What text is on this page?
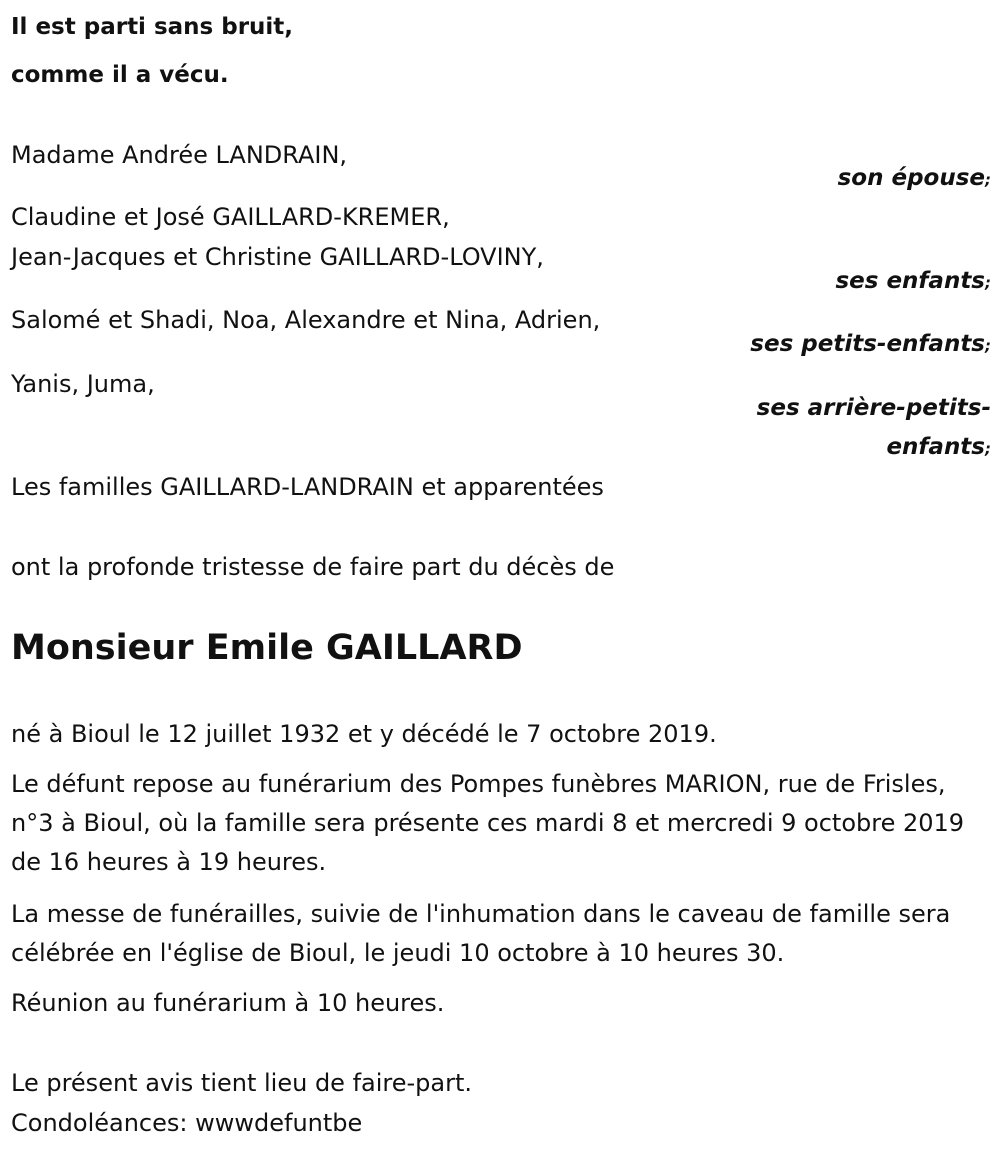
Il est parti sans bruit,
comme il a vécu.
Madame Andrée LANDRAIN,
son épouse;
Claudine et José GAILLARD-KREMER,
Jean-Jacques et Christine GAILLARD-LOVINY,
ses enfants;
Salomé et Shadi, Noa, Alexandre et Nina, Adrien,
ses petits-enfants;
Yanis, Juma,
ses arrière-petits-
enfants;
Les familles GAILLARD-LANDRAIN et apparentées
ont la profonde tristesse de faire part du décès de
Monsieur Emile GAILLARD
né à Bioul le 12 juillet 1932 et y décédé le 7 octobre 2019.
Le défunt repose au funérarium des Pompes funèbres MARION, rue de Frisles, n°3 à Bioul, où la famille sera présente ces mardi 8 et mercredi 9 octobre 2019 de 16 heures à 19 heures.
La messe de funérailles, suivie de l'inhumation dans le caveau de famille sera célébrée en l'église de Bioul, le jeudi 10 octobre à 10 heures 30.
Réunion au funérarium à 10 heures.
Le présent avis tient lieu de faire-part.
Condoléances: wwwdefuntbe
